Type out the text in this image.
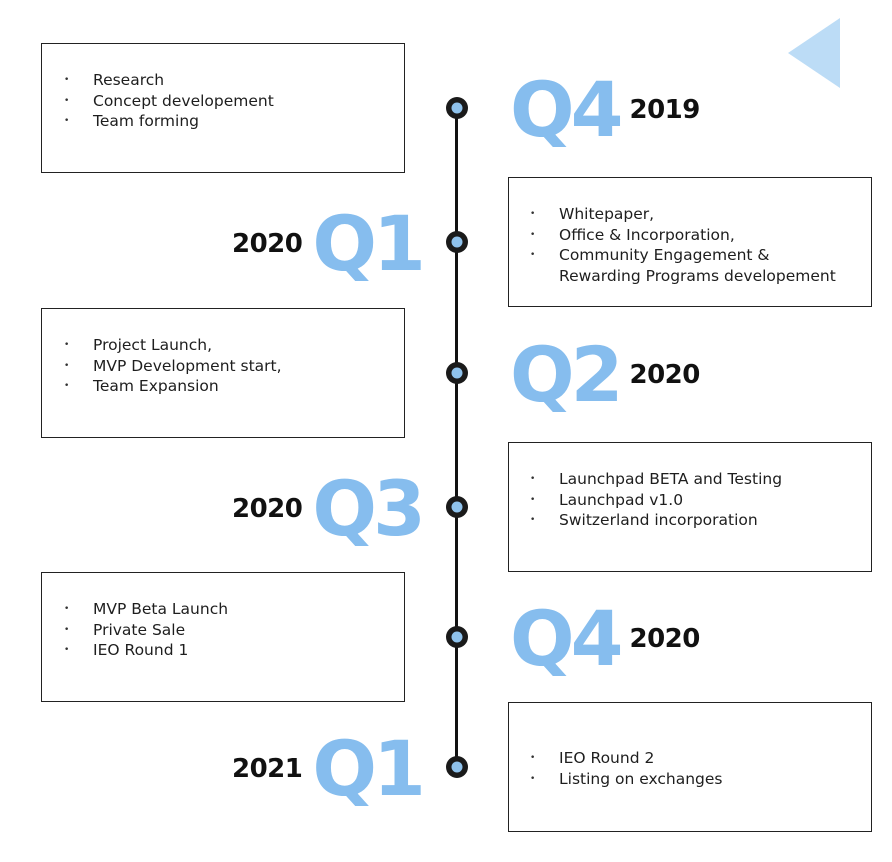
• Research
• Concept developement
• Team forming	Q4 2019
• Whitepaper,
• Office & Incorporation,
• Community Engagement &
Rewarding Programs developement
2020 Q1
• Project Launch,
• MVP Development start,
• Team Expansion	Q2 2020
• Launchpad BETA and Testing
• Launchpad v1.0
• Switzerland incorporation
2020 Q3
• MVP Beta Launch
• Private Sale
• IEO Round 1	Q4 2020
• IEO Round 2
• Listing on exchanges
2021 Q1
